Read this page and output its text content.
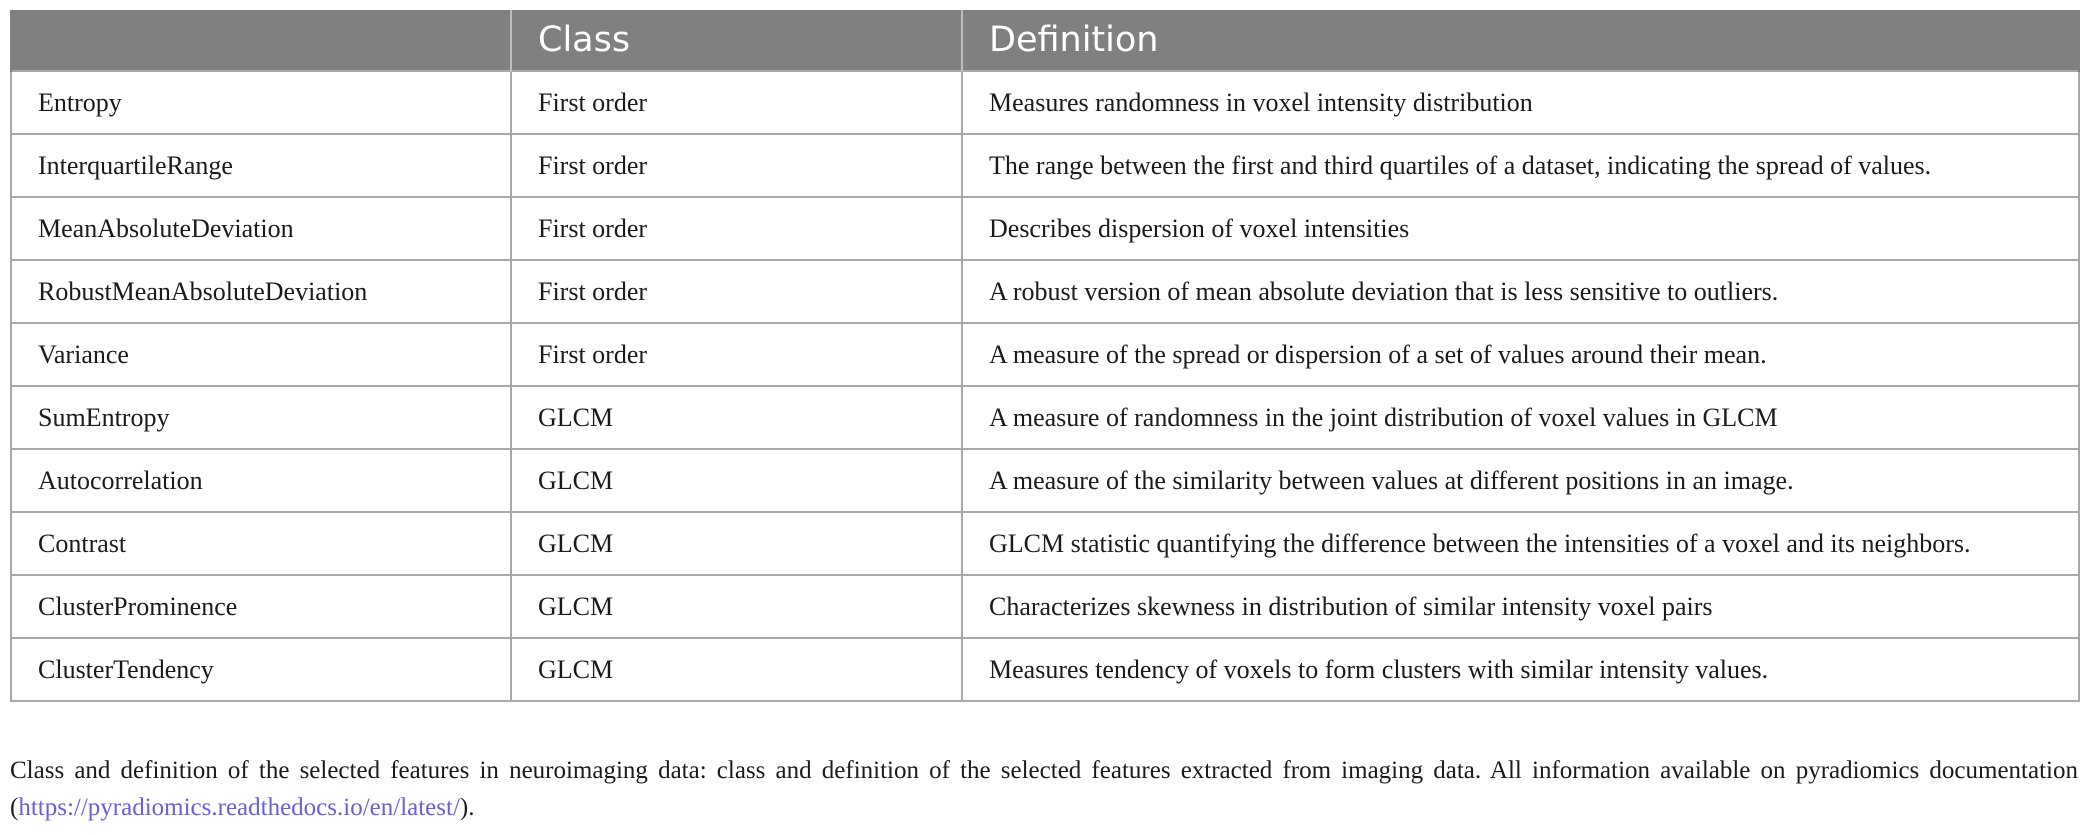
	Class	Definition
Entropy	First order	Measures randomness in voxel intensity distribution
InterquartileRange	First order	The range between the first and third quartiles of a dataset, indicating the spread of values.
MeanAbsoluteDeviation	First order	Describes dispersion of voxel intensities
RobustMeanAbsoluteDeviation	First order	A robust version of mean absolute deviation that is less sensitive to outliers.
Variance	First order	A measure of the spread or dispersion of a set of values around their mean.
SumEntropy	GLCM	A measure of randomness in the joint distribution of voxel values in GLCM
Autocorrelation	GLCM	A measure of the similarity between values at different positions in an image.
Contrast	GLCM	GLCM statistic quantifying the difference between the intensities of a voxel and its neighbors.
ClusterProminence	GLCM	Characterizes skewness in distribution of similar intensity voxel pairs
ClusterTendency	GLCM	Measures tendency of voxels to form clusters with similar intensity values.
Class and definition of the selected features in neuroimaging data: class and definition of the selected features extracted from imaging data. All information available on pyradiomics documentation (https://pyradiomics.readthedocs.io/en/latest/).
